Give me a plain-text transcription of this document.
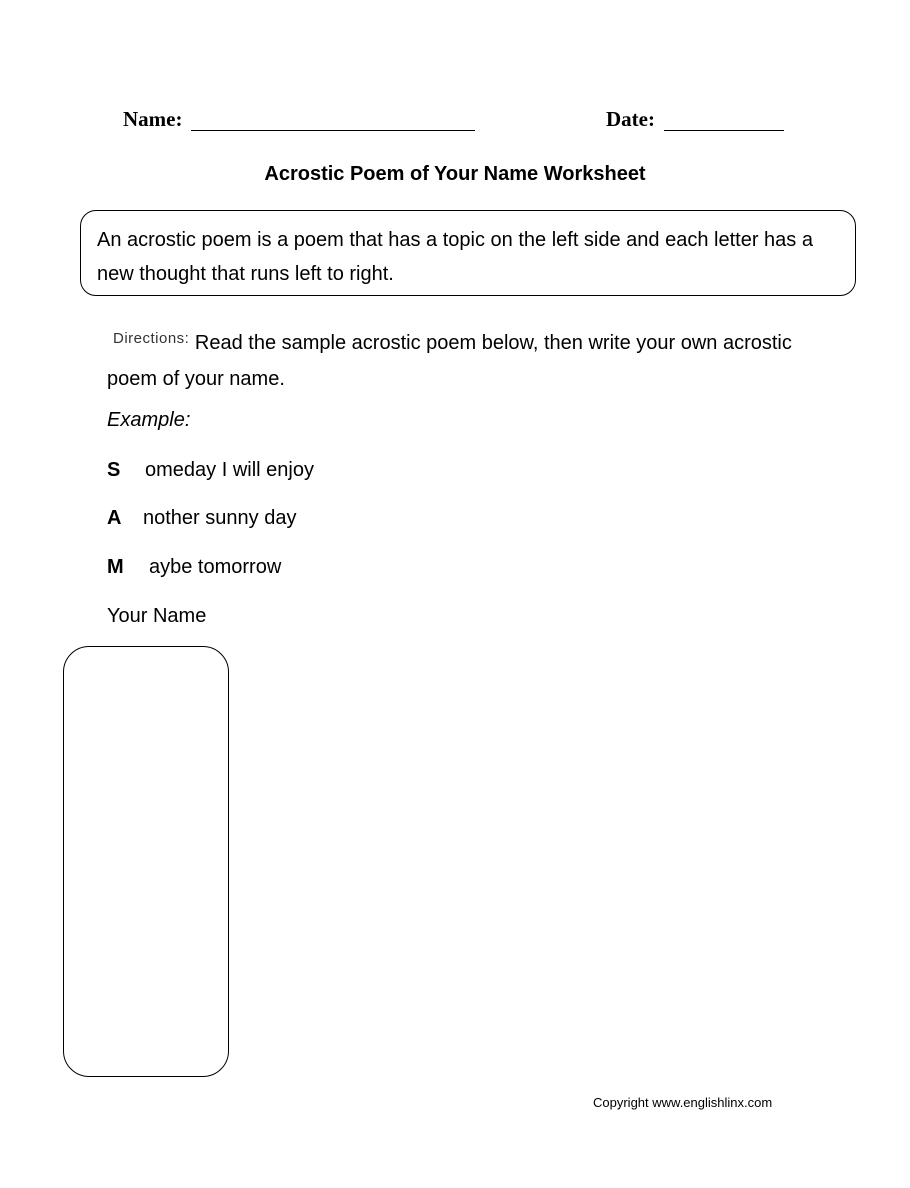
Name:	Date:
Acrostic Poem of Your Name Worksheet
An acrostic poem is a poem that has a topic on the left side and each letter has a new thought that runs left to right.
$^{Directions:}$ Read the sample acrostic poem below, then write your own acrostic poem of your name.
Example:
S omeday I will enjoy
A nother sunny day
M aybe tomorrow
Your Name
Copyright www.englishlinx.com
